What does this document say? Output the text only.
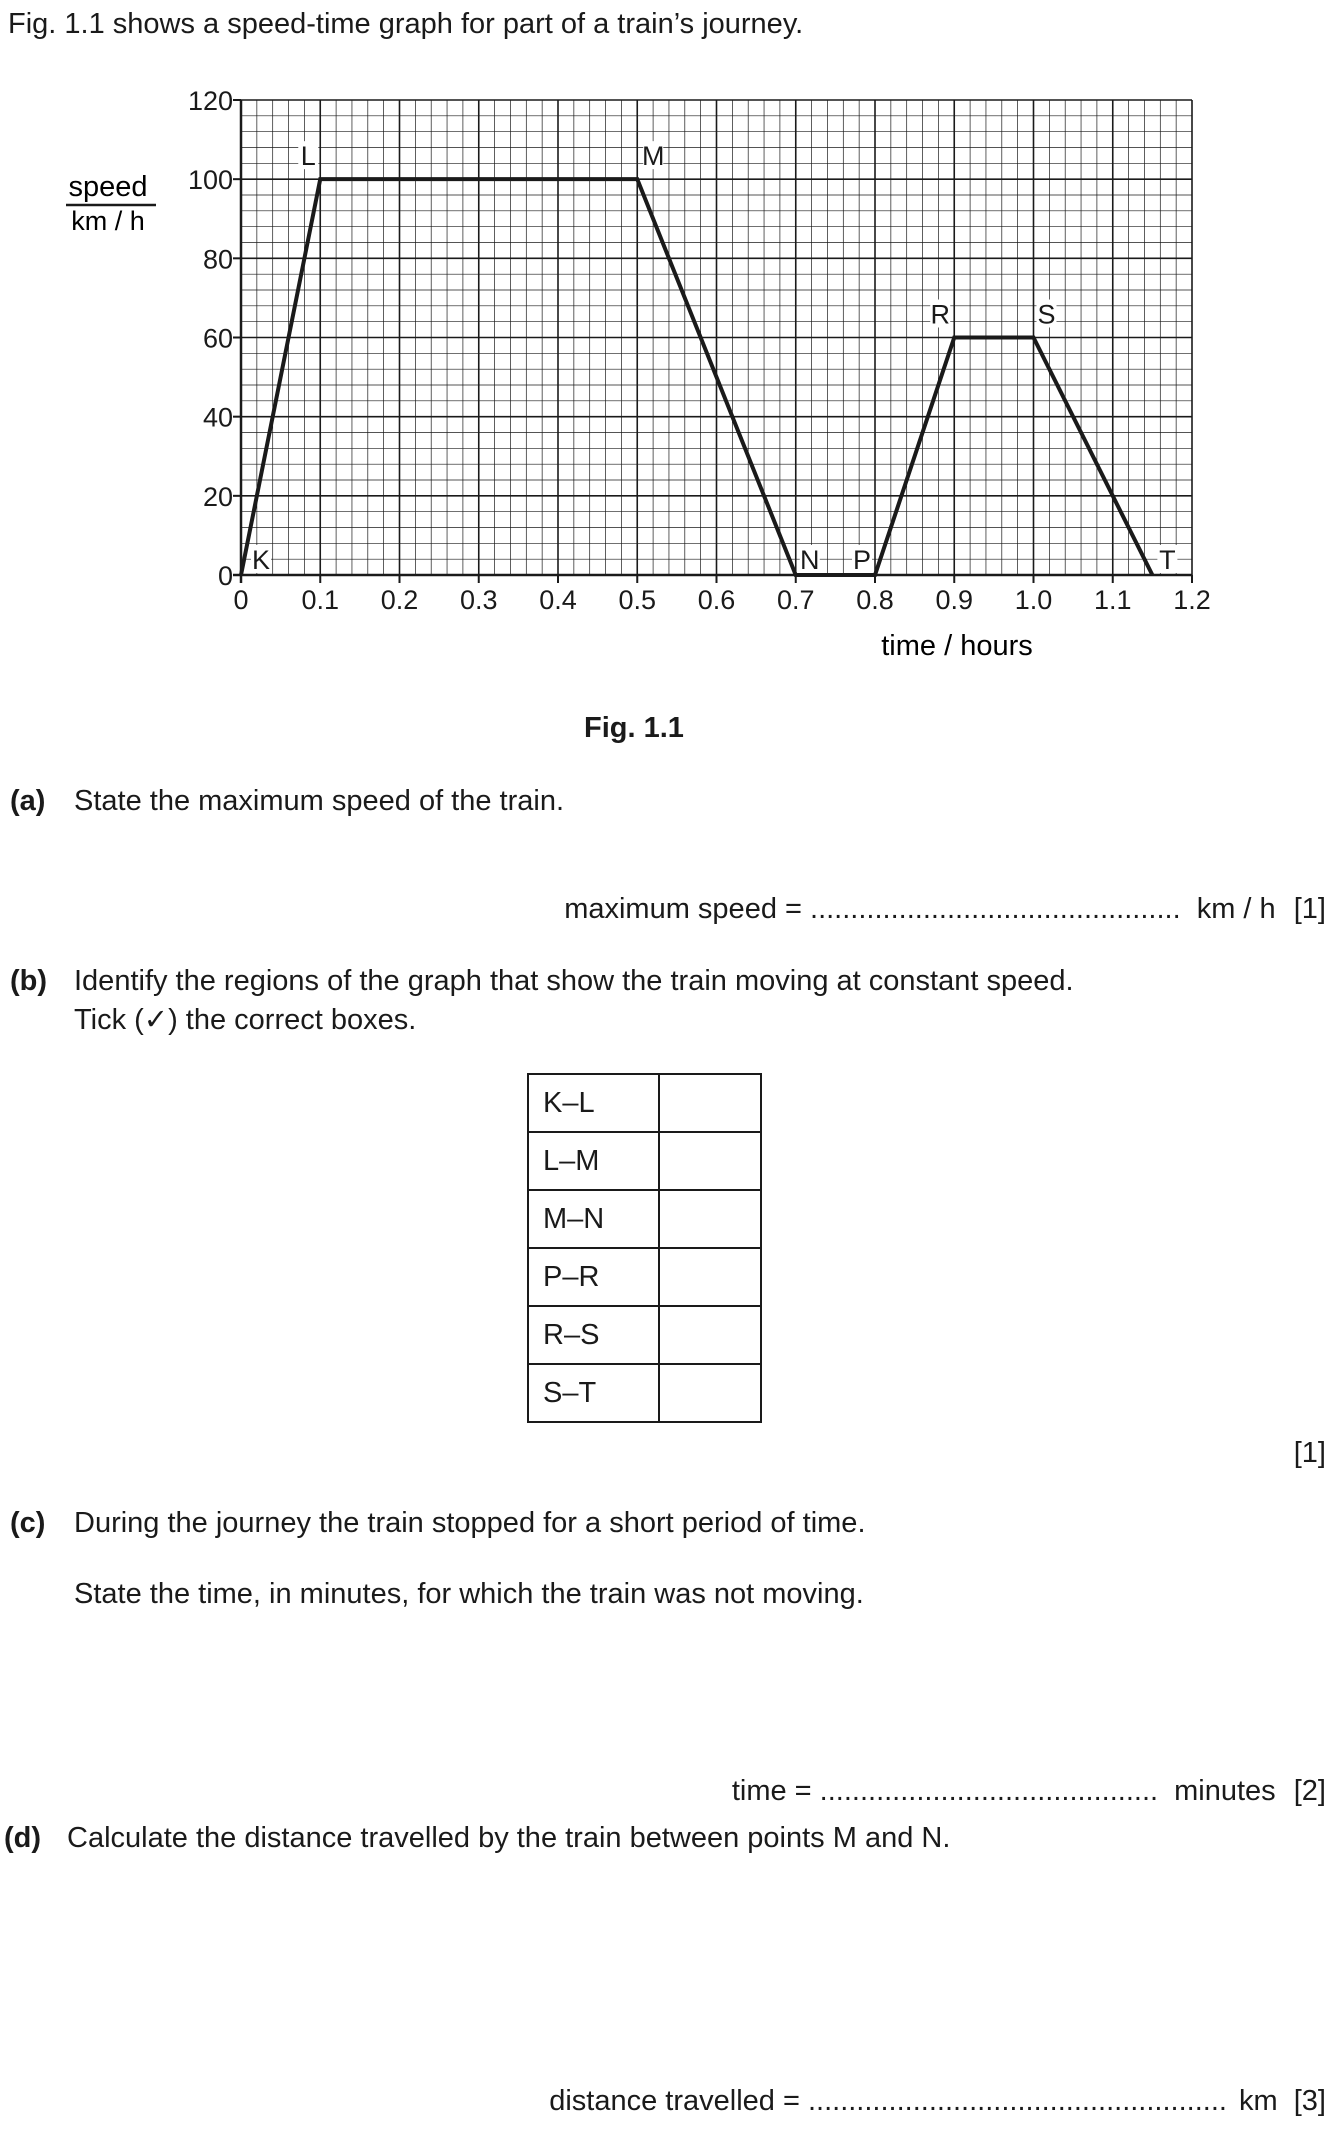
Fig. 1.1 shows a speed-time graph for part of a train’s journey.
0
20
40
60
80
100
120
0 0.1 0.2 0.3 0.4 0.5 0.6 0.7 0.8 0.9 1.0 1.1 1.2
K
L	M
N P
R	S
T
speed
km / h
time / hours
Fig. 1.1
(a) State the maximum speed of the train.
maximum speed = .............................................. km / h [1]
(b) Identify the regions of the graph that show the train moving at constant speed.
Tick (✓) the correct boxes.
K–L	
L–M	
M–N	
P–R	
R–S	
S–T	
[1]
(c) During the journey the train stopped for a short period of time.
State the time, in minutes, for which the train was not moving.
time = .......................................... minutes [2]
(d) Calculate the distance travelled by the train between points M and N.
distance travelled = .................................................... km [3]
